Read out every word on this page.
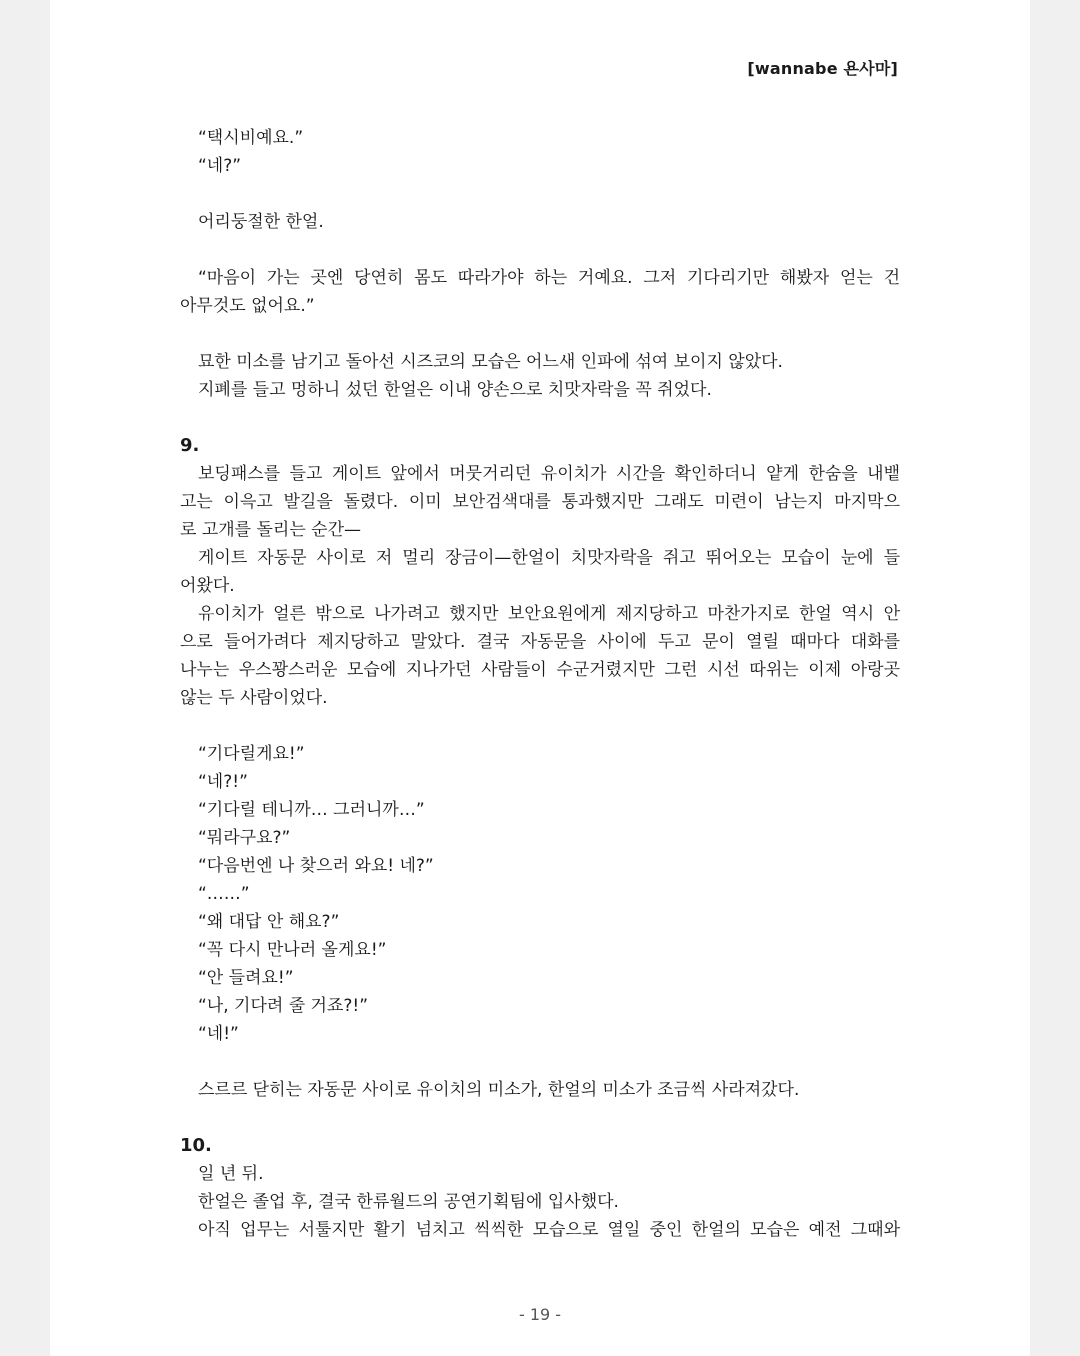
[wannabe 욘사마]
“택시비예요.”
“네?”
어리둥절한 한얼.
“마음이 가는 곳엔 당연히 몸도 따라가야 하는 거예요. 그저 기다리기만 해봤자 얻는 건
아무것도 없어요.”
묘한 미소를 남기고 돌아선 시즈코의 모습은 어느새 인파에 섞여 보이지 않았다.
지폐를 들고 멍하니 섰던 한얼은 이내 양손으로 치맛자락을 꼭 쥐었다.
9.
보딩패스를 들고 게이트 앞에서 머뭇거리던 유이치가 시간을 확인하더니 얕게 한숨을 내뱉
고는 이윽고 발길을 돌렸다. 이미 보안검색대를 통과했지만 그래도 미련이 남는지 마지막으
로 고개를 돌리는 순간—
게이트 자동문 사이로 저 멀리 장금이—한얼이 치맛자락을 쥐고 뛰어오는 모습이 눈에 들
어왔다.
유이치가 얼른 밖으로 나가려고 했지만 보안요원에게 제지당하고 마찬가지로 한얼 역시 안
으로 들어가려다 제지당하고 말았다. 결국 자동문을 사이에 두고 문이 열릴 때마다 대화를
나누는 우스꽝스러운 모습에 지나가던 사람들이 수군거렸지만 그런 시선 따위는 이제 아랑곳
않는 두 사람이었다.
“기다릴게요!”
“네?!”
“기다릴 테니까… 그러니까…”
“뭐라구요?”
“다음번엔 나 찾으러 와요! 네?”
“……”
“왜 대답 안 해요?”
“꼭 다시 만나러 올게요!”
“안 들려요!”
“나, 기다려 줄 거죠?!”
“네!”
스르르 닫히는 자동문 사이로 유이치의 미소가, 한얼의 미소가 조금씩 사라져갔다.
10.
일 년 뒤.
한얼은 졸업 후, 결국 한류월드의 공연기획팀에 입사했다.
아직 업무는 서툴지만 활기 넘치고 씩씩한 모습으로 열일 중인 한얼의 모습은 예전 그때와
- 19 -
